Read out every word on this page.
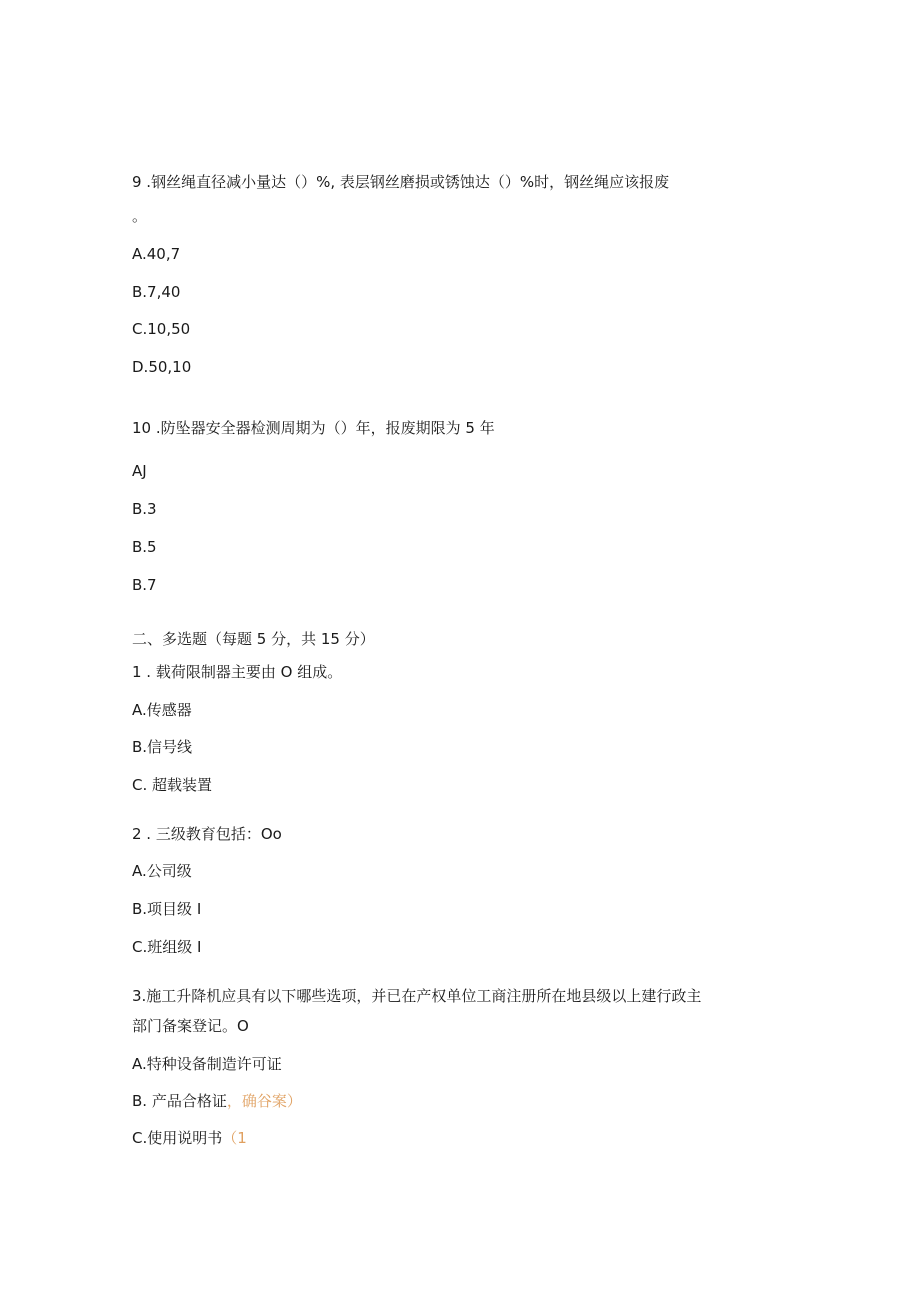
9 .钢丝绳直径减小量达（）%, 表层钢丝磨损或锈蚀达（）%时，钢丝绳应该报废
。
A.40,7
B.7,40
C.10,50
D.50,10
10 .防坠器安全器检测周期为（）年，报废期限为 5 年
AJ
B.3
B.5
B.7
二、多选题（每题 5 分，共 15 分）
1 . 载荷限制器主要由 O 组成。
A.传感器
B.信号线
C. 超载装置
2 . 三级教育包括：Oo
A.公司级
B.项目级 I
C.班组级 I
3.施工升降机应具有以下哪些选项，并已在产权单位工商注册所在地县级以上建行政主
部门备案登记。O
A.特种设备制造许可证
B. 产品合格证，确谷案）
C.使用说明书（1
